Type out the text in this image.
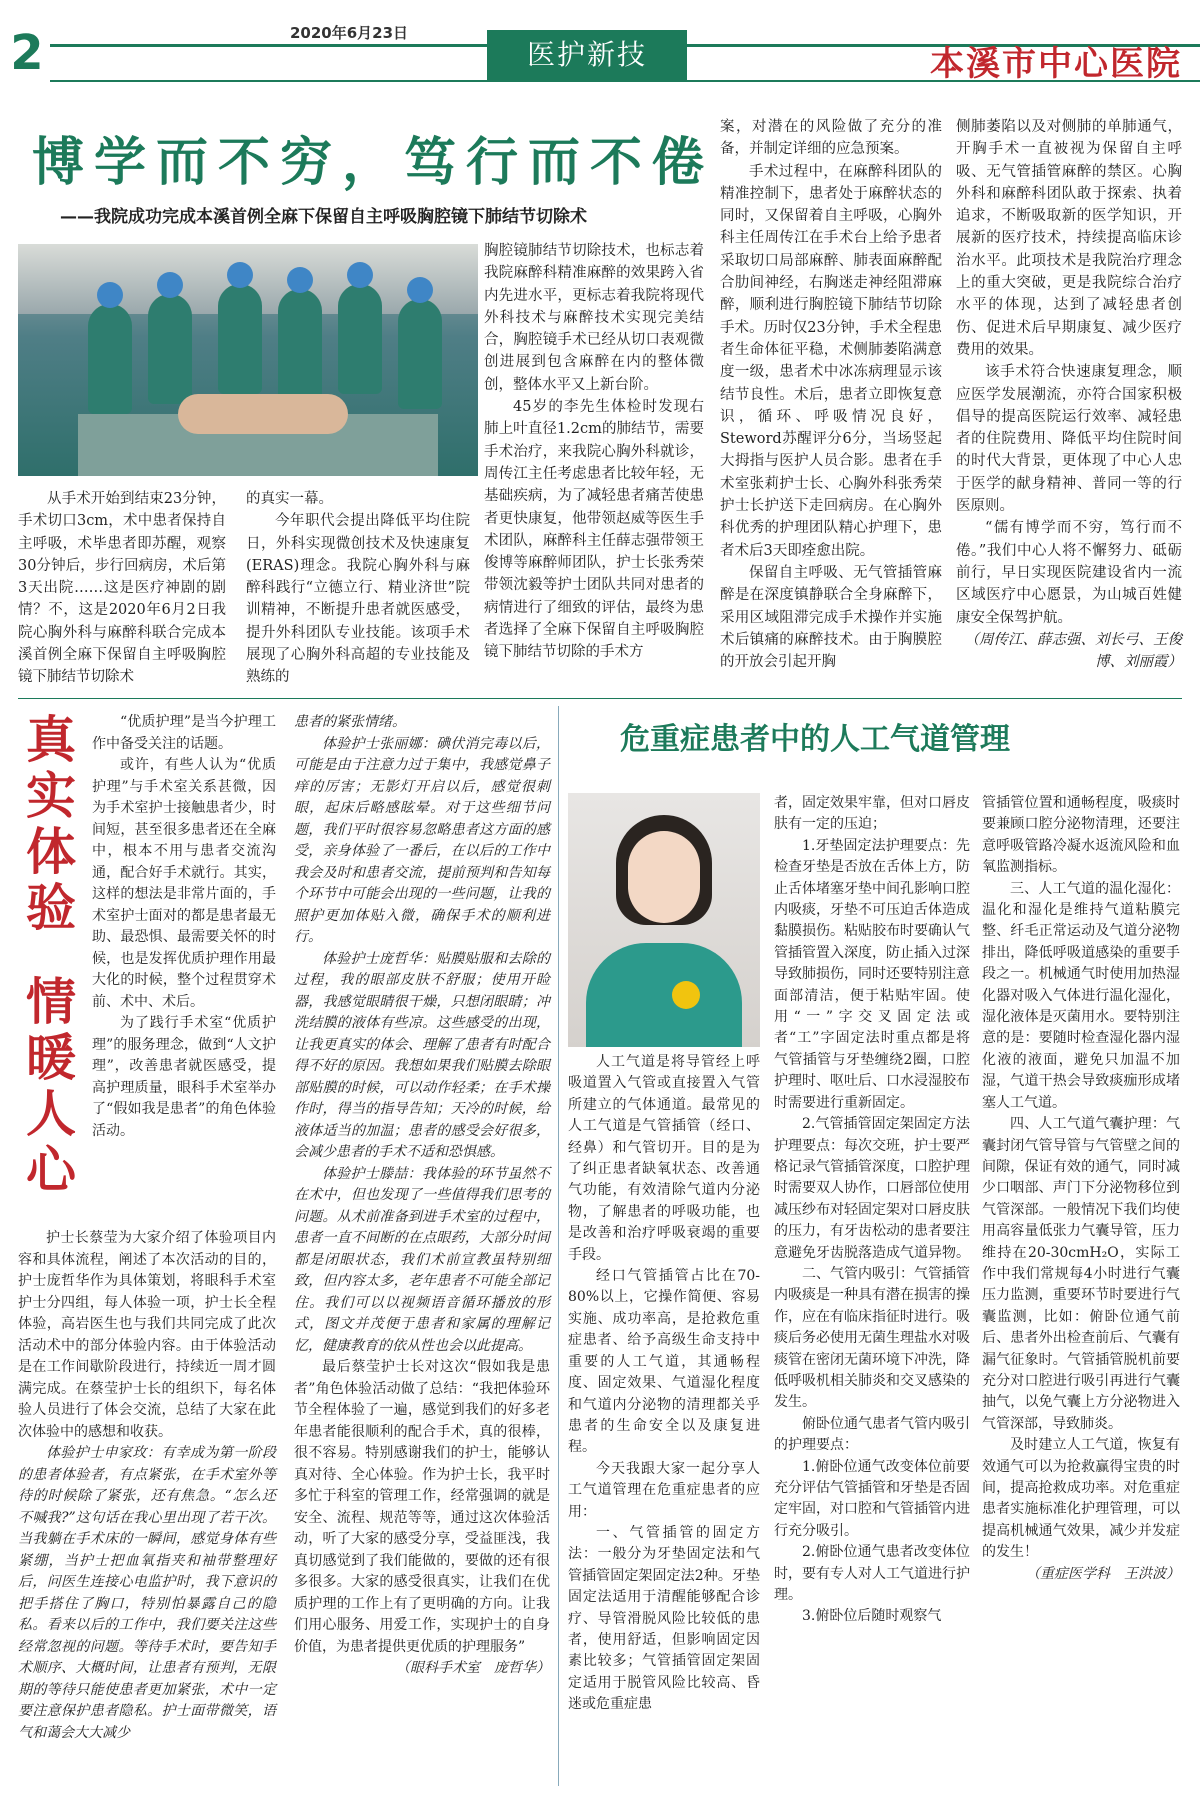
2	2020年6月23日
医护新技	本溪市中心医院
博学而不穷，笃行而不倦
——我院成功完成本溪首例全麻下保留自主呼吸胸腔镜下肺结节切除术

从手术开始到结束23分钟，手术切口3cm，术中患者保持自主呼吸，术毕患者即苏醒，观察30分钟后，步行回病房，术后第3天出院……这是医疗神剧的剧情？不，这是2020年6月2日我院心胸外科与麻醉科联合完成本溪首例全麻下保留自主呼吸胸腔镜下肺结节切除术

的真实一幕。

今年职代会提出降低平均住院日，外科实现微创技术及快速康复(ERAS)理念。我院心胸外科与麻醉科践行“立德立行、精业济世”院训精神，不断提升患者就医感受，提升外科团队专业技能。该项手术展现了心胸外科高超的专业技能及熟练的

胸腔镜肺结节切除技术，也标志着我院麻醉科精准麻醉的效果跨入省内先进水平，更标志着我院将现代外科技术与麻醉技术实现完美结合，胸腔镜手术已经从切口表观微创进展到包含麻醉在内的整体微创，整体水平又上新台阶。

45岁的李先生体检时发现右肺上叶直径1.2cm的肺结节，需要手术治疗，来我院心胸外科就诊，周传江主任考虑患者比较年轻，无基础疾病，为了减轻患者痛苦使患者更快康复，他带领赵威等医生手术团队，麻醉科主任薛志强带领王俊博等麻醉师团队，护士长张秀荣带领沈毅等护士团队共同对患者的病情进行了细致的评估，最终为患者选择了全麻下保留自主呼吸胸腔镜下肺结节切除的手术方

案，对潜在的风险做了充分的准备，并制定详细的应急预案。

手术过程中，在麻醉科团队的精准控制下，患者处于麻醉状态的同时，又保留着自主呼吸，心胸外科主任周传江在手术台上给予患者采取切口局部麻醉、肺表面麻醉配合肋间神经，右胸迷走神经阻滞麻醉，顺利进行胸腔镜下肺结节切除手术。历时仅23分钟，手术全程患者生命体征平稳，术侧肺萎陷满意度一级，患者术中冰冻病理显示该结节良性。术后，患者立即恢复意识，循环、呼吸情况良好，Steword苏醒评分6分，当场竖起大拇指与医护人员合影。患者在手术室张莉护士长、心胸外科张秀荣护士长护送下走回病房。在心胸外科优秀的护理团队精心护理下，患者术后3天即痊愈出院。

保留自主呼吸、无气管插管麻醉是在深度镇静联合全身麻醉下，采用区域阻滞完成手术操作并实施术后镇痛的麻醉技术。由于胸膜腔的开放会引起开胸

侧肺萎陷以及对侧肺的单肺通气，开胸手术一直被视为保留自主呼吸、无气管插管麻醉的禁区。心胸外科和麻醉科团队敢于探索、执着追求，不断吸取新的医学知识，开展新的医疗技术，持续提高临床诊治水平。此项技术是我院治疗理念上的重大突破，更是我院综合治疗水平的体现，达到了减轻患者创伤、促进术后早期康复、减少医疗费用的效果。

该手术符合快速康复理念，顺应医学发展潮流，亦符合国家积极倡导的提高医院运行效率、减轻患者的住院费用、降低平均住院时间的时代大背景，更体现了中心人忠于医学的献身精神、普同一等的行医原则。

“儒有博学而不穷，笃行而不倦。”我们中心人将不懈努力、砥砺前行，早日实现医院建设省内一流区域医疗中心愿景，为山城百姓健康安全保驾护航。

（周传江、薛志强、刘长弓、王俊博、刘丽霞）

真
实
体
验
情
暖
人
心

“优质护理”是当今护理工作中备受关注的话题。

或许，有些人认为“优质护理”与手术室关系甚微，因为手术室护士接触患者少，时间短，甚至很多患者还在全麻中，根本不用与患者交流沟通，配合好手术就行。其实，这样的想法是非常片面的，手术室护士面对的都是患者最无助、最恐惧、最需要关怀的时候，也是发挥优质护理作用最大化的时候，整个过程贯穿术前、术中、术后。

为了践行手术室“优质护理”的服务理念，做到“人文护理”，改善患者就医感受，提高护理质量，眼科手术室举办了“假如我是患者”的角色体验活动。

护士长蔡莹为大家介绍了体验项目内容和具体流程，阐述了本次活动的目的，护士庞哲华作为具体策划，将眼科手术室护士分四组，每人体验一项，护士长全程体验，高岩医生也与我们共同完成了此次活动术中的部分体验内容。由于体验活动是在工作间歇阶段进行，持续近一周才圆满完成。在蔡莹护士长的组织下，每名体验人员进行了体会交流，总结了大家在此次体验中的感想和收获。

体验护士申家玫：有幸成为第一阶段的患者体验者，有点紧张，在手术室外等待的时候除了紧张，还有焦急。“怎么还不喊我?”这句话在我心里出现了若干次。当我躺在手术床的一瞬间，感觉身体有些紧绷，当护士把血氧指夹和袖带整理好后，问医生连接心电监护时，我下意识的把手搭住了胸口，特别怕暴露自己的隐私。看来以后的工作中，我们要关注这些经常忽视的问题。等待手术时，要告知手术顺序、大概时间，让患者有预判，无限期的等待只能使患者更加紧张，术中一定要注意保护患者隐私。护士面带微笑，语气和蔼会大大减少

患者的紧张情绪。

体验护士张丽娜：碘伏消完毒以后，可能是由于注意力过于集中，我感觉鼻子痒的厉害；无影灯开启以后，感觉很刺眼，起床后略感眩晕。对于这些细节问题，我们平时很容易忽略患者这方面的感受，亲身体验了一番后，在以后的工作中我会及时和患者交流，提前预判和告知每个环节中可能会出现的一些问题，让我的照护更加体贴入微，确保手术的顺利进行。

体验护士庞哲华：贴膜贴服和去除的过程，我的眼部皮肤不舒服；使用开睑器，我感觉眼睛很干燥，只想闭眼睛；冲洗结膜的液体有些凉。这些感受的出现，让我更真实的体会、理解了患者有时配合得不好的原因。我想如果我们贴膜去除眼部贴膜的时候，可以动作轻柔；在手术操作时，得当的指导告知；天冷的时候，给液体适当的加温；患者的感受会好很多，会减少患者的手术不适和恐惧感。

体验护士滕喆：我体验的环节虽然不在术中，但也发现了一些值得我们思考的问题。从术前准备到进手术室的过程中，患者一直不间断的在点眼药，大部分时间都是闭眼状态，我们术前宣教虽特别细致，但内容太多，老年患者不可能全部记住。我们可以以视频语音循环播放的形式，图文并茂便于患者和家属的理解记忆，健康教育的依从性也会以此提高。

最后蔡莹护士长对这次“假如我是患者”角色体验活动做了总结：“我把体验环节全程体验了一遍，感觉到我们的好多老年患者能很顺利的配合手术，真的很棒，很不容易。特别感谢我们的护士，能够认真对待、全心体验。作为护士长，我平时多忙于科室的管理工作，经常强调的就是安全、流程、规范等等，通过这次体验活动，听了大家的感受分享，受益匪浅，我真切感觉到了我们能做的，要做的还有很多很多。大家的感受很真实，让我们在优质护理的工作上有了更明确的方向。让我们用心服务、用爱工作，实现护士的自身价值，为患者提供更优质的护理服务”

（眼科手术室　庞哲华）

危重症患者中的人工气道管理

人工气道是将导管经上呼吸道置入气管或直接置入气管所建立的气体通道。最常见的人工气道是气管插管（经口、经鼻）和气管切开。目的是为了纠正患者缺氧状态、改善通气功能，有效清除气道内分泌物，了解患者的呼吸功能，也是改善和治疗呼吸衰竭的重要手段。

经口气管插管占比在70-80%以上，它操作简便、容易实施、成功率高，是抢救危重症患者、给予高级生命支持中重要的人工气道，其通畅程度、固定效果、气道湿化程度和气道内分泌物的清理都关乎患者的生命安全以及康复进程。

今天我跟大家一起分享人工气道管理在危重症患者的应用：

一、气管插管的固定方法：一般分为牙垫固定法和气管插管固定架固定法2种。牙垫固定法适用于清醒能够配合诊疗、导管滑脱风险比较低的患者，使用舒适，但影响固定因素比较多；气管插管固定架固定适用于脱管风险比较高、昏迷或危重症患

者，固定效果牢靠，但对口唇皮肤有一定的压迫；

1.牙垫固定法护理要点：先检查牙垫是否放在舌体上方，防止舌体堵塞牙垫中间孔影响口腔内吸痰，牙垫不可压迫舌体造成黏膜损伤。粘贴胶布时要确认气管插管置入深度，防止插入过深导致肺损伤，同时还要特别注意面部清洁，便于粘贴牢固。使用“一”字交叉固定法或者“工”字固定法时重点都是将气管插管与牙垫缠绕2圈，口腔护理时、呕吐后、口水浸湿胶布时需要进行重新固定。

2.气管插管固定架固定方法护理要点：每次交班，护士要严格记录气管插管深度，口腔护理时需要双人协作，口唇部位使用减压纱布对轻固定架对口唇皮肤的压力，有牙齿松动的患者要注意避免牙齿脱落造成气道异物。

二、气管内吸引：气管插管内吸痰是一种具有潜在损害的操作，应在有临床指征时进行。吸痰后务必使用无菌生理盐水对吸痰管在密闭无菌环境下冲洗，降低呼吸机相关肺炎和交叉感染的发生。

俯卧位通气患者气管内吸引的护理要点：

1.俯卧位通气改变体位前要充分评估气管插管和牙垫是否固定牢固，对口腔和气管插管内进行充分吸引。

2.俯卧位通气患者改变体位时，要有专人对人工气道进行护理。

3.俯卧位后随时观察气

管插管位置和通畅程度，吸痰时要兼顾口腔分泌物清理，还要注意呼吸管路冷凝水返流风险和血氧监测指标。

三、人工气道的温化湿化：温化和湿化是维持气道粘膜完整、纤毛正常运动及气道分泌物排出，降低呼吸道感染的重要手段之一。机械通气时使用加热湿化器对吸入气体进行温化湿化，湿化液体是灭菌用水。要特别注意的是：要随时检查湿化器内湿化液的液面，避免只加温不加湿，气道干热会导致痰痂形成堵塞人工气道。

四、人工气道气囊护理：气囊封闭气管导管与气管壁之间的间隙，保证有效的通气，同时减少口咽部、声门下分泌物移位到气管深部。一般情况下我们均使用高容量低张力气囊导管，压力维持在20-30cmH₂O，实际工作中我们常规每4小时进行气囊压力监测，重要环节时要进行气囊监测，比如：俯卧位通气前后、患者外出检查前后、气囊有漏气征象时。气管插管脱机前要充分对口腔进行吸引再进行气囊抽气，以免气囊上方分泌物进入气管深部，导致肺炎。

及时建立人工气道，恢复有效通气可以为抢救赢得宝贵的时间，提高抢救成功率。对危重症患者实施标准化护理管理，可以提高机械通气效果，减少并发症的发生！

（重症医学科　王洪波）
